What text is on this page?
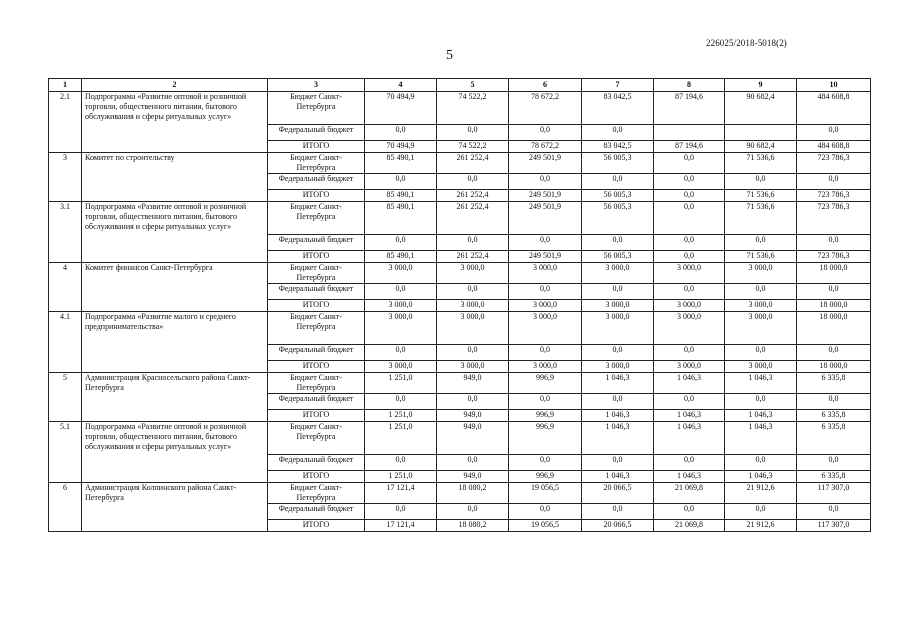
226025/2018-5018(2)
5
1	2	3	4	5	6	7	8	9	10
2.1	Подпрограмма «Развитие оптовой и розничной торговли, общественного питания, бытового обслуживания и сферы ритуальных услуг»	Бюджет Санкт-Петербурга	70 494,9	74 522,2	78 672,2	83 042,5	87 194,6	90 682,4	484 608,8
		Федеральный бюджет	0,0	0,0	0,0	0,0			0,0
		ИТОГО	70 494,9	74 522,2	78 672,2	83 042,5	87 194,6	90 682,4	484 608,8
3	Комитет по строительству	Бюджет Санкт-Петербурга	85 490,1	261 252,4	249 501,9	56 005,3	0,0	71 536,6	723 786,3
		Федеральный бюджет	0,0	0,0	0,0	0,0	0,0	0,0	0,0
		ИТОГО	85 490,1	261 252,4	249 501,9	56 005,3	0,0	71 536,6	723 786,3
3.1	Подпрограмма «Развитие оптовой и розничной торговли, общественного питания, бытового обслуживания и сферы ритуальных услуг»	Бюджет Санкт-Петербурга	85 490,1	261 252,4	249 501,9	56 005,3	0,0	71 536,6	723 786,3
		Федеральный бюджет	0,0	0,0	0,0	0,0	0,0	0,0	0,0
		ИТОГО	85 490,1	261 252,4	249 501,9	56 005,3	0,0	71 536,6	723 786,3
4	Комитет финансов Санкт-Петербурга	Бюджет Санкт-Петербурга	3 000,0	3 000,0	3 000,0	3 000,0	3 000,0	3 000,0	18 000,0
		Федеральный бюджет	0,0	0,0	0,0	0,0	0,0	0,0	0,0
		ИТОГО	3 000,0	3 000,0	3 000,0	3 000,0	3 000,0	3 000,0	18 000,0
4.1	Подпрограмма «Развитие малого и среднего предпринимательства»	Бюджет Санкт-Петербурга	3 000,0	3 000,0	3 000,0	3 000,0	3 000,0	3 000,0	18 000,0
		Федеральный бюджет	0,0	0,0	0,0	0,0	0,0	0,0	0,0
		ИТОГО	3 000,0	3 000,0	3 000,0	3 000,0	3 000,0	3 000,0	18 000,0
5	Администрация Красносельского района Санкт-Петербурга	Бюджет Санкт-Петербурга	1 251,0	949,0	996,9	1 046,3	1 046,3	1 046,3	6 335,8
		Федеральный бюджет	0,0	0,0	0,0	0,0	0,0	0,0	0,0
		ИТОГО	1 251,0	949,0	996,9	1 046,3	1 046,3	1 046,3	6 335,8
5.1	Подпрограмма «Развитие оптовой и розничной торговли, общественного питания, бытового обслуживания и сферы ритуальных услуг»	Бюджет Санкт-Петербурга	1 251,0	949,0	996,9	1 046,3	1 046,3	1 046,3	6 335,8
		Федеральный бюджет	0,0	0,0	0,0	0,0	0,0	0,0	0,0
		ИТОГО	1 251,0	949,0	996,9	1 046,3	1 046,3	1 046,3	6 335,8
6	Администрация Колпинского района Санкт-Петербурга	Бюджет Санкт-Петербурга	17 121,4	18 080,2	19 056,5	20 066,5	21 069,8	21 912,6	117 307,0
		Федеральный бюджет	0,0	0,0	0,0	0,0	0,0	0,0	0,0
		ИТОГО	17 121,4	18 080,2	19 056,5	20 066,5	21 069,8	21 912,6	117 307,0
